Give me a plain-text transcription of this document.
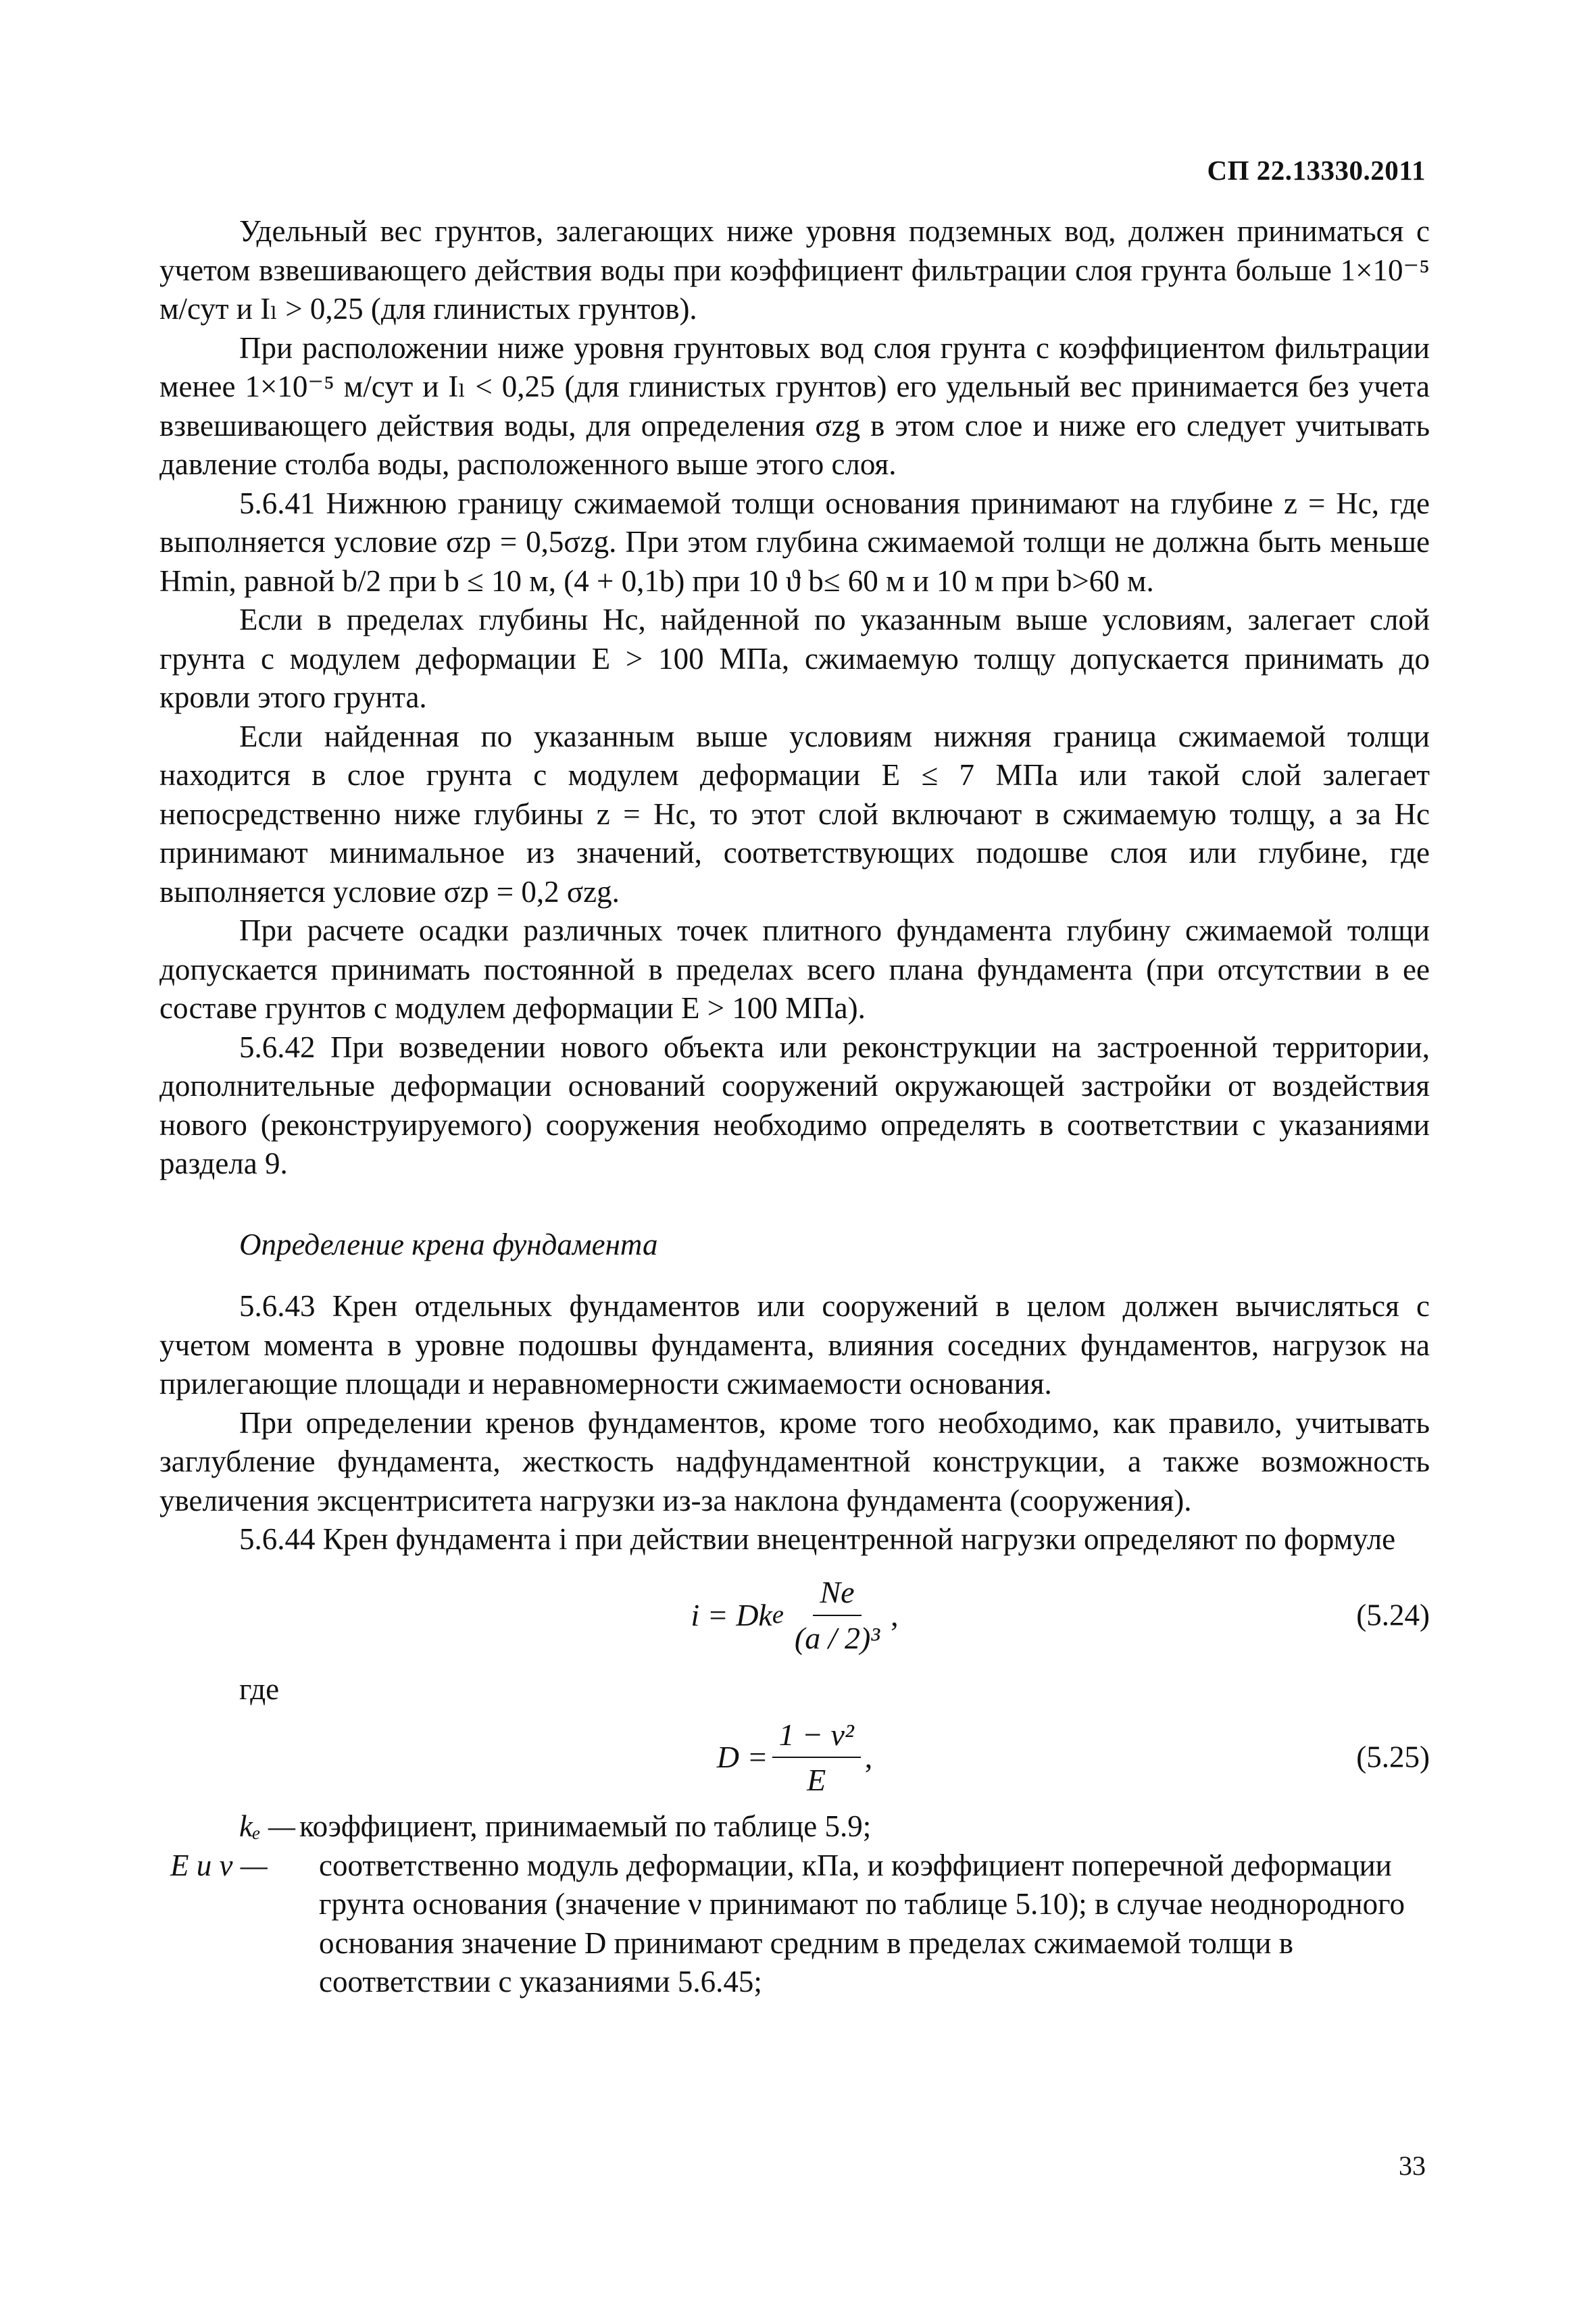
СП 22.13330.2011

Удельный вес грунтов, залегающих ниже уровня подземных вод, должен приниматься с учетом взвешивающего действия воды при коэффициент фильтрации слоя грунта больше 1×10⁻⁵ м/сут и Iₗ > 0,25 (для глинистых грунтов).

При расположении ниже уровня грунтовых вод слоя грунта с коэффициентом фильтрации менее 1×10⁻⁵ м/сут и Iₗ < 0,25 (для глинистых грунтов) его удельный вес принимается без учета взвешивающего действия воды, для определения σzg в этом слое и ниже его следует учитывать давление столба воды, расположенного выше этого слоя.

5.6.41 Нижнюю границу сжимаемой толщи основания принимают на глубине z = Hc, где выполняется условие σzp = 0,5σzg. При этом глубина сжимаемой толщи не должна быть меньше Hmin, равной b/2 при b ≤ 10 м, (4 + 0,1b) при 10 ϑ b≤ 60 м и 10 м при b>60 м.

Если в пределах глубины Hc, найденной по указанным выше условиям, залегает слой грунта с модулем деформации E > 100 МПа, сжимаемую толщу допускается принимать до кровли этого грунта.

Если найденная по указанным выше условиям нижняя граница сжимаемой толщи находится в слое грунта с модулем деформации E ≤ 7 МПа или такой слой залегает непосредственно ниже глубины z = Hc, то этот слой включают в сжимаемую толщу, а за Hc принимают минимальное из значений, соответствующих подошве слоя или глубине, где выполняется условие σzp = 0,2 σzg.

При расчете осадки различных точек плитного фундамента глубину сжимаемой толщи допускается принимать постоянной в пределах всего плана фундамента (при отсутствии в ее составе грунтов с модулем деформации E > 100 МПа).

5.6.42 При возведении нового объекта или реконструкции на застроенной территории, дополнительные деформации оснований сооружений окружающей застройки от воздействия нового (реконструируемого) сооружения необходимо определять в соответствии с указаниями раздела 9.

Определение крена фундамента

5.6.43 Крен отдельных фундаментов или сооружений в целом должен вычисляться с учетом момента в уровне подошвы фундамента, влияния соседних фундаментов, нагрузок на прилегающие площади и неравномерности сжимаемости основания.

При определении кренов фундаментов, кроме того необходимо, как правило, учитывать заглубление фундамента, жесткость надфундаментной конструкции, а также возможность увеличения эксцентриситета нагрузки из-за наклона фундамента (сооружения).

5.6.44 Крен фундамента i при действии внецентренной нагрузки определяют по формуле

i = Dk e $\frac{Ne}{\text{(a / 2)³}}$ ,	(5.24)

где

$D = \frac{\text{1 − ν²}}{E}$ ,	(5.25)
kₑ — коэффициент, принимаемый по таблице 5.9;
E и ν —	соответственно модуль деформации, кПа, и коэффициент поперечной деформации грунта основания (значение ν принимают по таблице 5.10); в случае неоднородного основания значение D принимают средним в пределах сжимаемой толщи в соответствии с указаниями 5.6.45;
33
